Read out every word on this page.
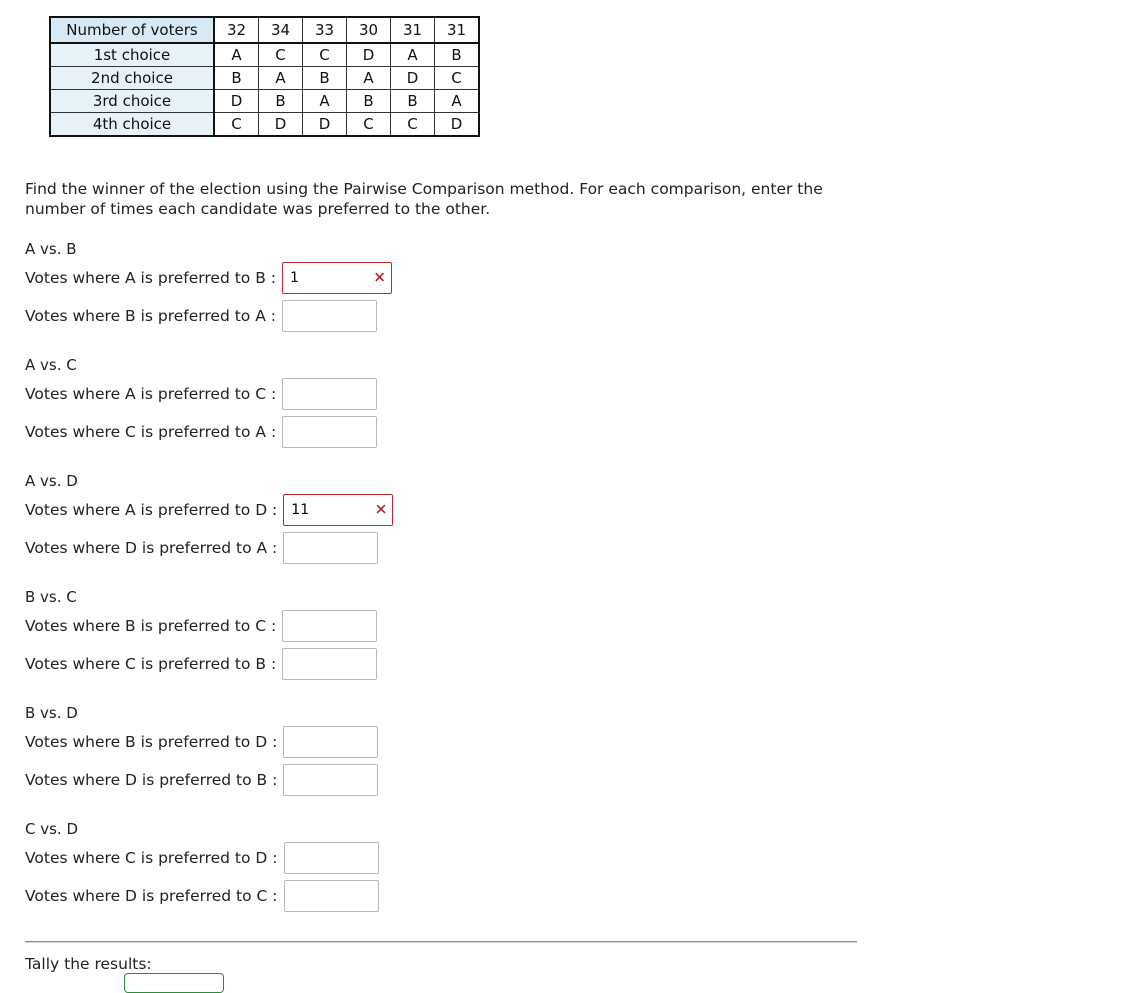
Number of voters	32	34	33	30	31	31
1st choice	A	C	C	D	A	B
2nd choice	B	A	B	A	D	C
3rd choice	D	B	A	B	B	A
4th choice	C	D	D	C	C	D
Find the winner of the election using the Pairwise Comparison method. For each comparison, enter the number of times each candidate was preferred to the other.
A vs. B
Votes where A is preferred to B :
1	✕
Votes where B is preferred to A :
A vs. C
Votes where A is preferred to C :
Votes where C is preferred to A :
A vs. D
Votes where A is preferred to D :
11	✕
Votes where D is preferred to A :
B vs. C
Votes where B is preferred to C :
Votes where C is preferred to B :
B vs. D
Votes where B is preferred to D :
Votes where D is preferred to B :
C vs. D
Votes where C is preferred to D :
Votes where D is preferred to C :
Tally the results:
